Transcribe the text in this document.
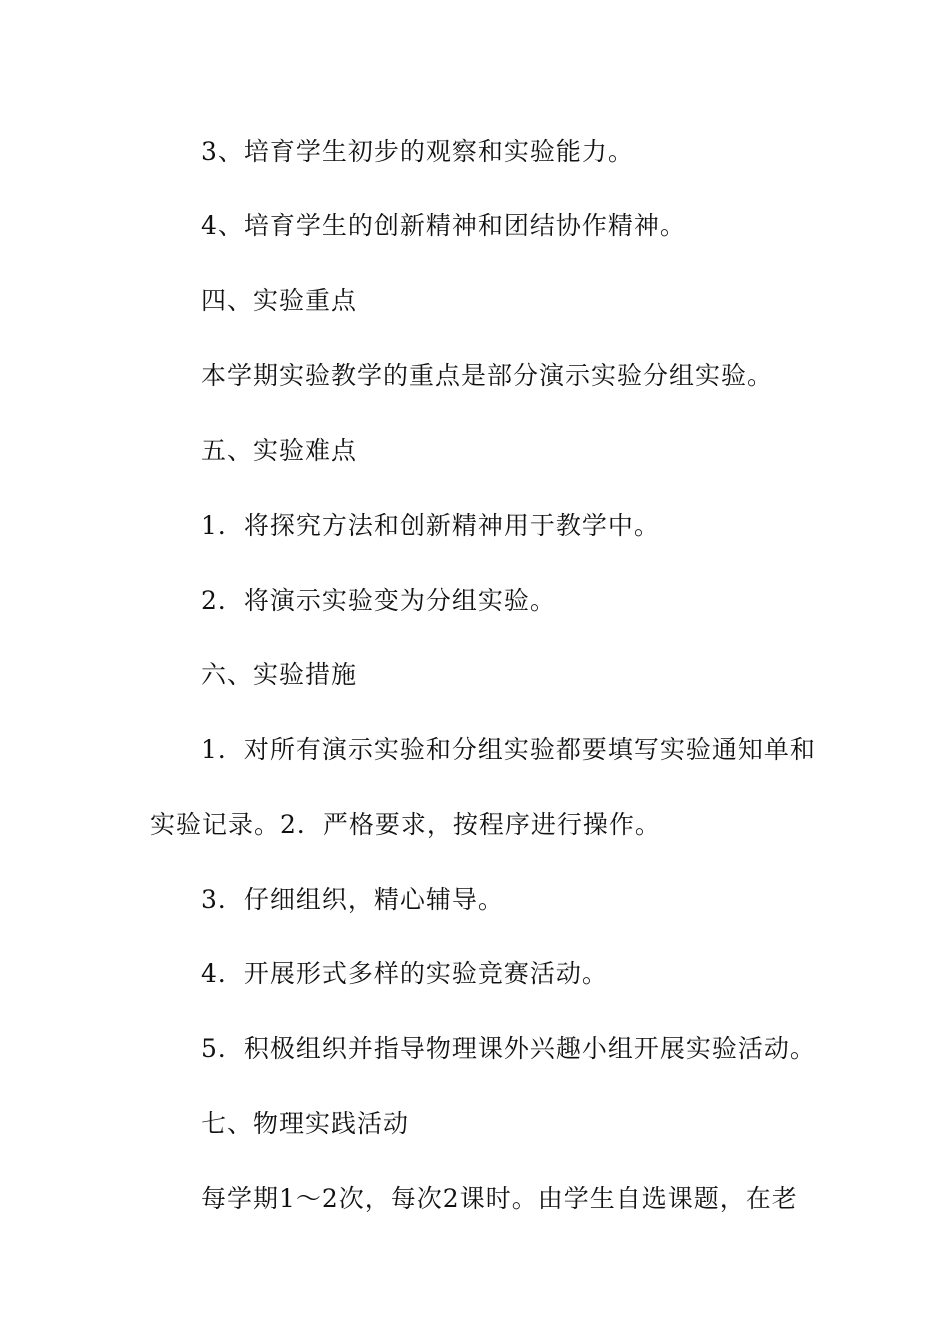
3、培育学生初步的观察和实验能力。
4、培育学生的创新精神和团结协作精神。
四、实验重点
本学期实验教学的重点是部分演示实验分组实验。
五、实验难点
1．将探究方法和创新精神用于教学中。
2．将演示实验变为分组实验。
六、实验措施
1．对所有演示实验和分组实验都要填写实验通知单和
实验记录。2．严格要求，按程序进行操作。
3．仔细组织，精心辅导。
4．开展形式多样的实验竞赛活动。
5．积极组织并指导物理课外兴趣小组开展实验活动。
七、物理实践活动
每学期1～2次，每次2课时。由学生自选课题，在老
